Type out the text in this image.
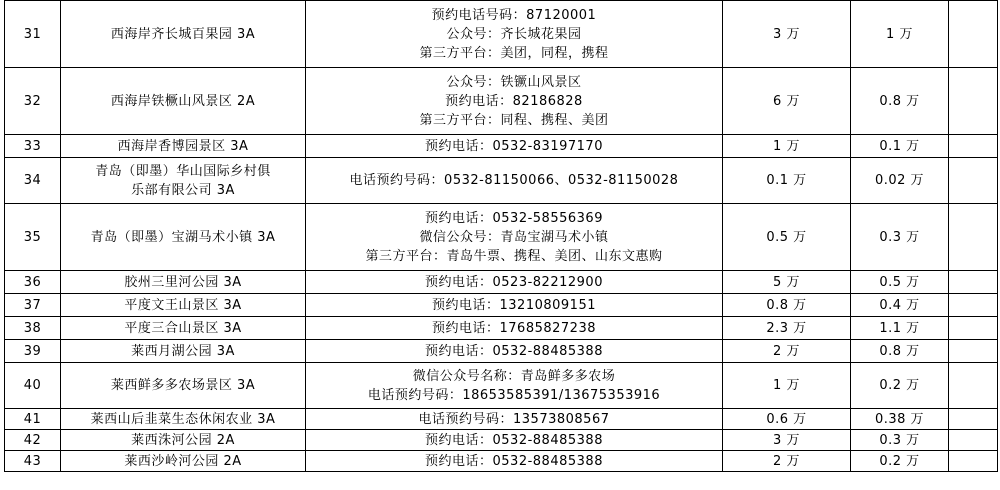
31	西海岸齐长城百果园 3A	预约电话号码：87120001
公众号：齐长城花果园
第三方平台：美团，同程，携程	3 万	1 万	
32	西海岸铁橛山风景区 2A	公众号：铁镢山风景区
预约电话：82186828
第三方平台：同程、携程、美团	6 万	0.8 万	
33	西海岸香博园景区 3A	预约电话：0532-83197170	1 万	0.1 万	
34	青岛（即墨）华山国际乡村俱
乐部有限公司 3A	电话预约号码：0532-81150066、0532-81150028	0.1 万	0.02 万	
35	青岛（即墨）宝湖马术小镇 3A	预约电话：0532-58556369
微信公众号：青岛宝湖马术小镇
第三方平台：青岛牛票、携程、美团、山东文惠购	0.5 万	0.3 万	
36	胶州三里河公园 3A	预约电话：0523-82212900	5 万	0.5 万	
37	平度文王山景区 3A	预约电话：13210809151	0.8 万	0.4 万	
38	平度三合山景区 3A	预约电话：17685827238	2.3 万	1.1 万	
39	莱西月湖公园 3A	预约电话：0532-88485388	2 万	0.8 万	
40	莱西鲜多多农场景区 3A	微信公众号名称：青岛鲜多多农场
电话预约号码：18653585391/13675353916	1 万	0.2 万	
41	莱西山后韭菜生态休闲农业 3A	电话预约号码：13573808567	0.6 万	0.38 万	
42	莱西洙河公园 2A	预约电话：0532-88485388	3 万	0.3 万	
43	莱西沙岭河公园 2A	预约电话：0532-88485388	2 万	0.2 万	
